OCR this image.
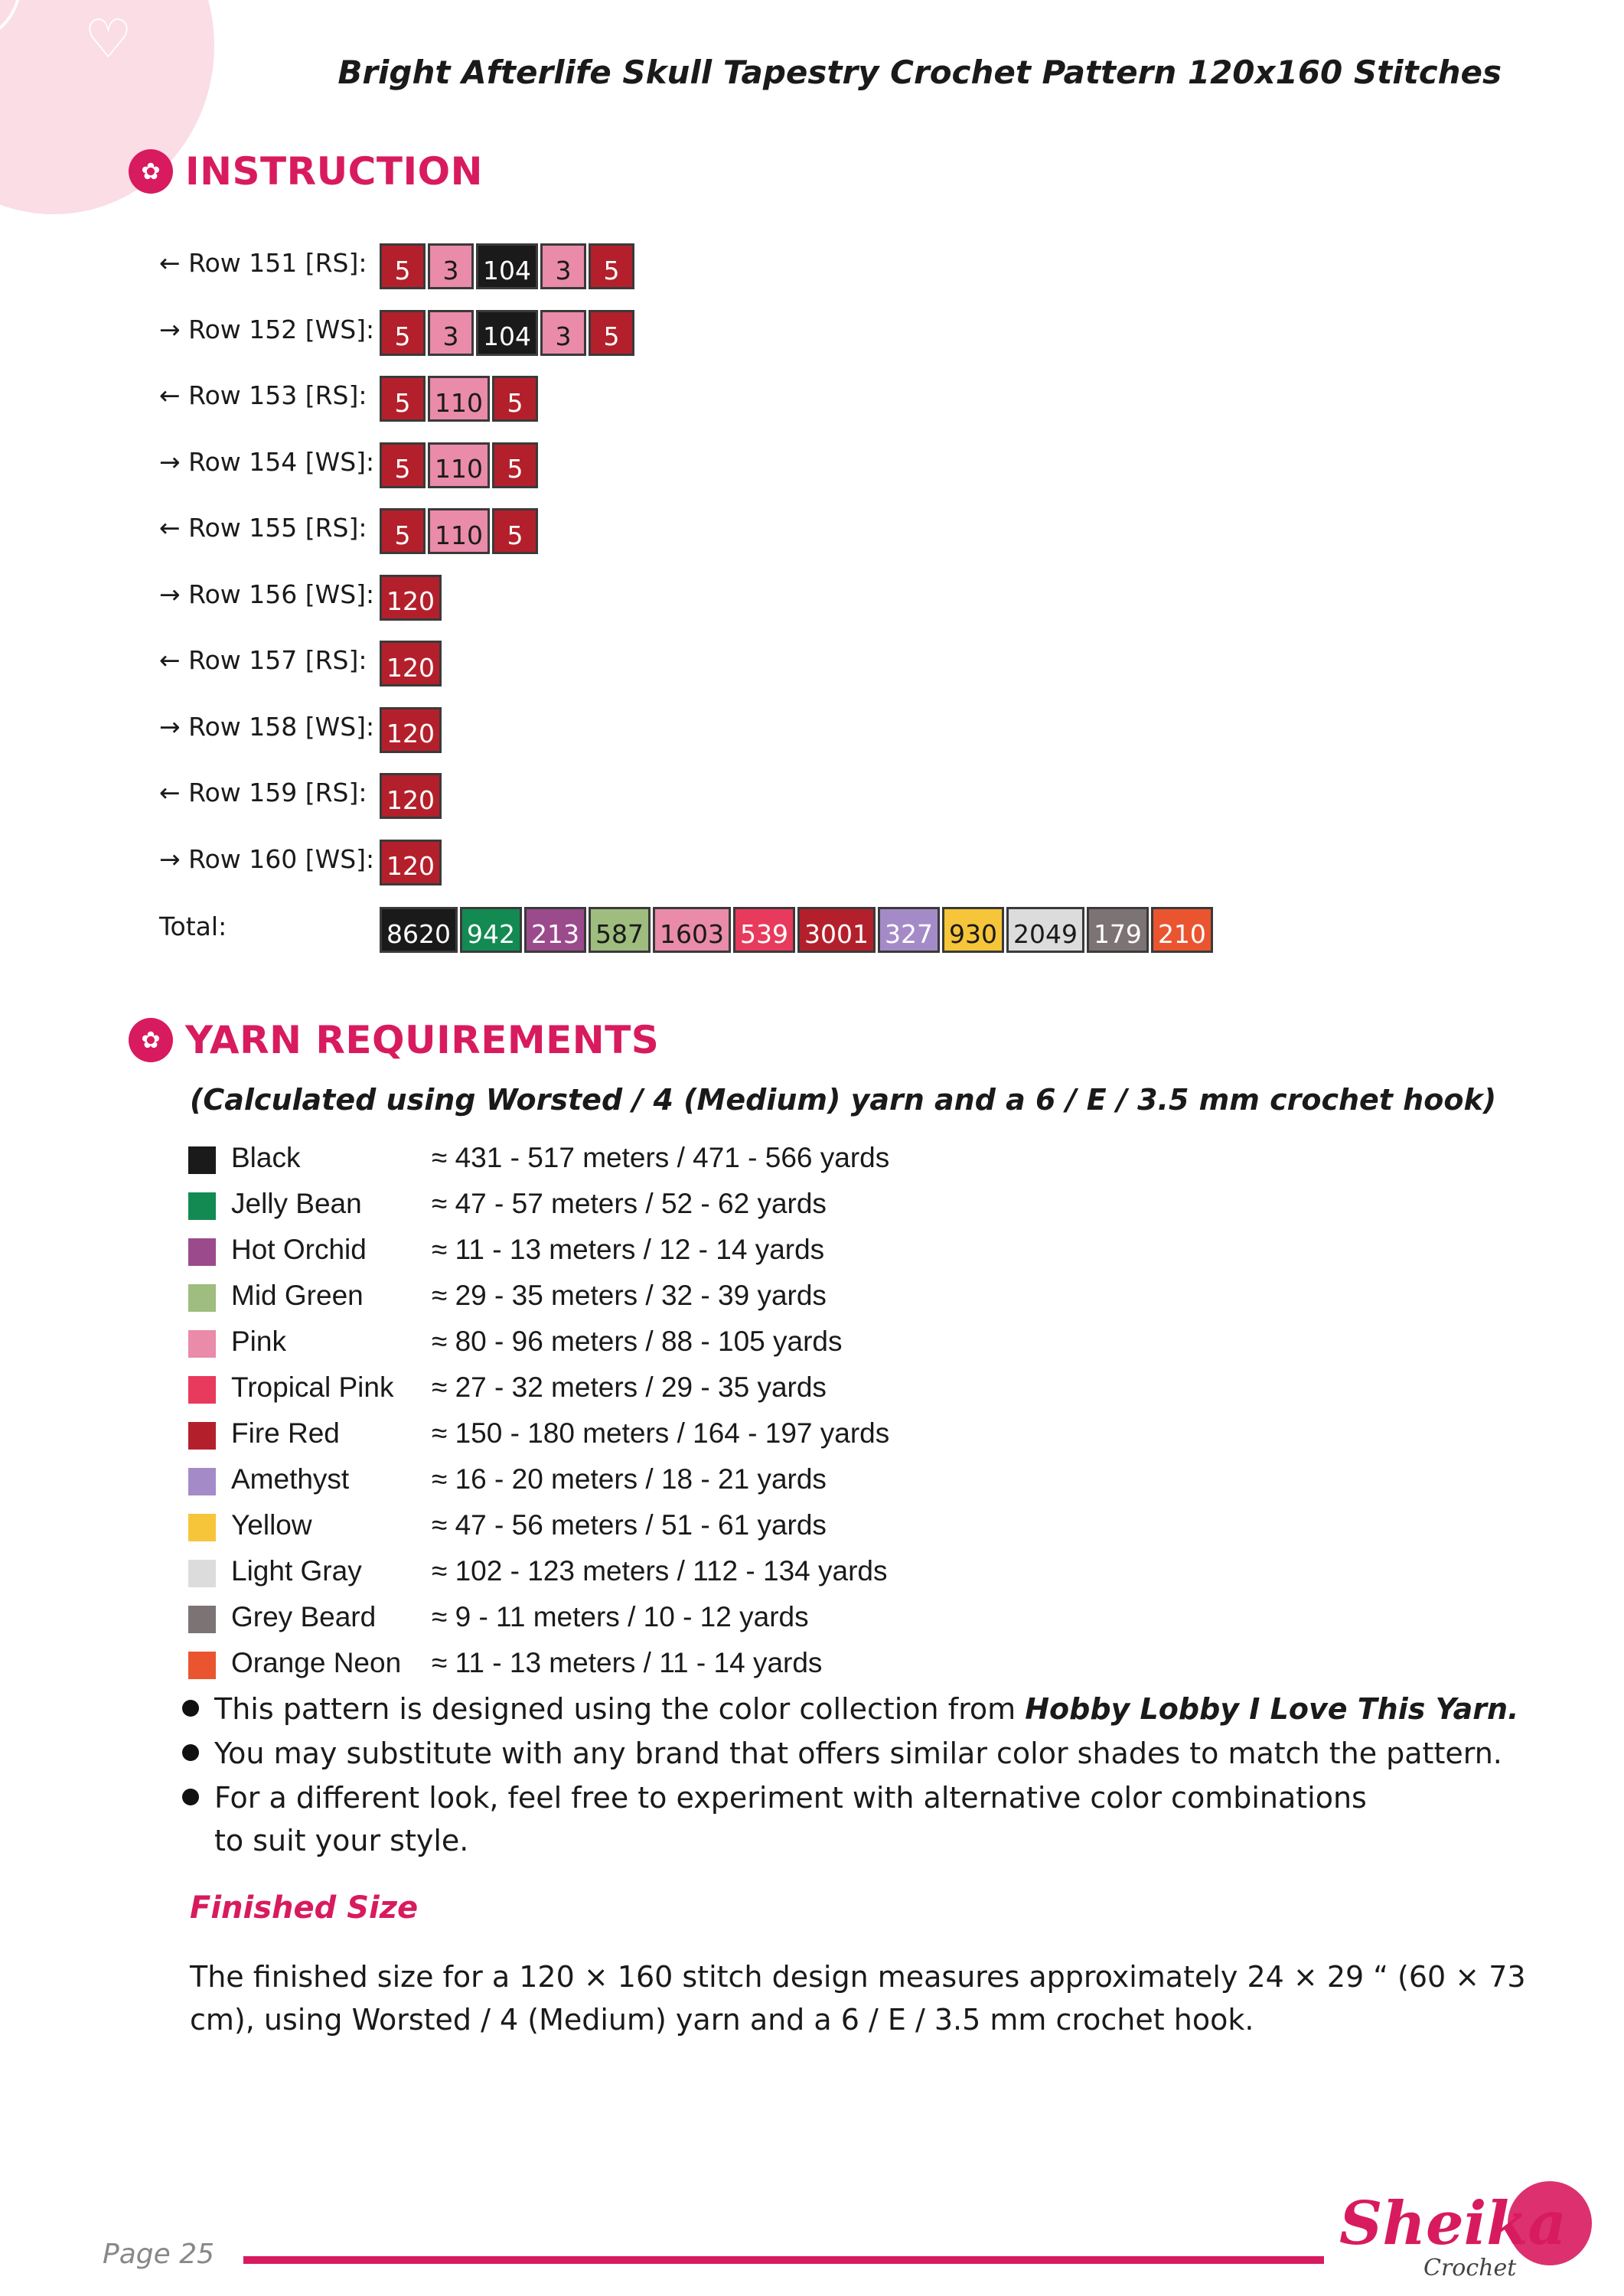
♡
Bright Afterlife Skull Tapestry Crochet Pattern 120x160 Stitches
✿ INSTRUCTION
← Row 151 [RS]:	5	3 104 3	5
→ Row 152 [WS]: 5	3 104 3	5
← Row 153 [RS]:	5 110 5
→ Row 154 [WS]: 5 110 5
← Row 155 [RS]:	5 110 5
→ Row 156 [WS]: 120
← Row 157 [RS]: 120
→ Row 158 [WS]: 120
← Row 159 [RS]: 120
→ Row 160 [WS]: 120
Total:	8620 942 213 587 1603 539 3001 327 930 2049 179 210
✿ YARN REQUIREMENTS

(Calculated using Worsted / 4 (Medium) yarn and a 6 / E / 3.5 mm crochet hook)

Black	≈ 431 - 517 meters / 471 - 566 yards
Jelly Bean ≈ 47 - 57 meters / 52 - 62 yards
Hot Orchid ≈ 11 - 13 meters / 12 - 14 yards
Mid Green ≈ 29 - 35 meters / 32 - 39 yards
Pink	≈ 80 - 96 meters / 88 - 105 yards
Tropical Pink ≈ 27 - 32 meters / 29 - 35 yards
Fire Red	≈ 150 - 180 meters / 164 - 197 yards
Amethyst	≈ 16 - 20 meters / 18 - 21 yards
Yellow	≈ 47 - 56 meters / 51 - 61 yards
Light Gray ≈ 102 - 123 meters / 112 - 134 yards
Grey Beard ≈ 9 - 11 meters / 10 - 12 yards
Orange Neon ≈ 11 - 13 meters / 11 - 14 yards
This pattern is designed using the color collection from Hobby Lobby I Love This Yarn.
You may substitute with any brand that offers similar color shades to match the pattern.
For a different look, feel free to experiment with alternative color combinations
to suit your style.
Finished Size

The finished size for a 120 × 160 stitch design measures approximately 24 × 29 “ (60 × 73 cm), using Worsted / 4 (Medium) yarn and a 6 / E / 3.5 mm crochet hook.

Page 25	Sheika
Crochet
